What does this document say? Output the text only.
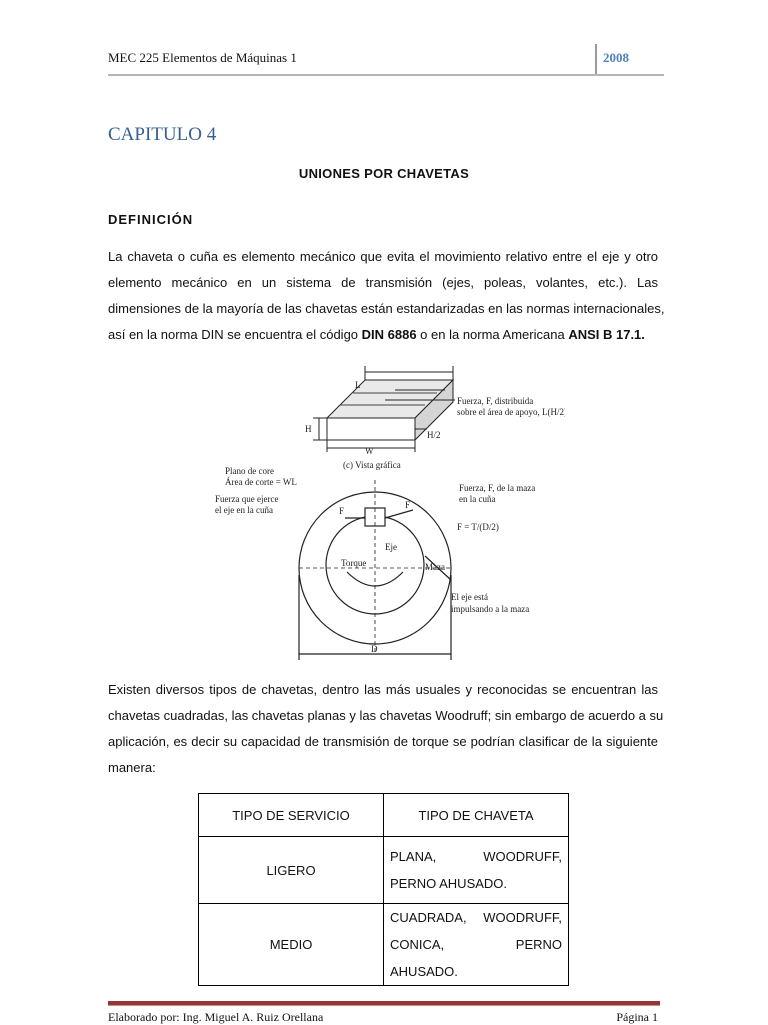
MEC 225 Elementos de Máquinas 1	2008
CAPITULO 4
UNIONES POR CHAVETAS
DEFINICIÓN
La chaveta o cuña es elemento mecánico que evita el movimiento relativo entre el eje y otro
elemento mecánico en un sistema de transmisión (ejes, poleas, volantes, etc.). Las
dimensiones de la mayoría de las chavetas están estandarizadas en las normas internacionales,
así en la norma DIN se encuentra el código DIN 6886 o en la norma Americana ANSI B 17.1.
L
Fuerza, F, distribuida
sobre el área de apoyo, L(H/2)
H
H/2
W
(c) Vista gráfica
Plano de core
Área de corte = WL
Fuerza que ejerce
el eje en la cuña
Fuerza, F, de la maza
en la cuña
F
F
F = T/(D/2)
Eje
Torque	Maza
El eje está
impulsando a la maza
D
Existen diversos tipos de chavetas, dentro las más usuales y reconocidas se encuentran las
chavetas cuadradas, las chavetas planas y las chavetas Woodruff; sin embargo de acuerdo a su
aplicación, es decir su capacidad de transmisión de torque se podrían clasificar de la siguiente
manera:
TIPO DE SERVICIO	TIPO DE CHAVETA
LIGERO	PLANA, WOODRUFF, PERNO AHUSADO.
MEDIO	CUADRADA, WOODRUFF, CONICA, PERNO AHUSADO.
Elaborado por: Ing. Miguel A. Ruiz Orellana	Página 1
